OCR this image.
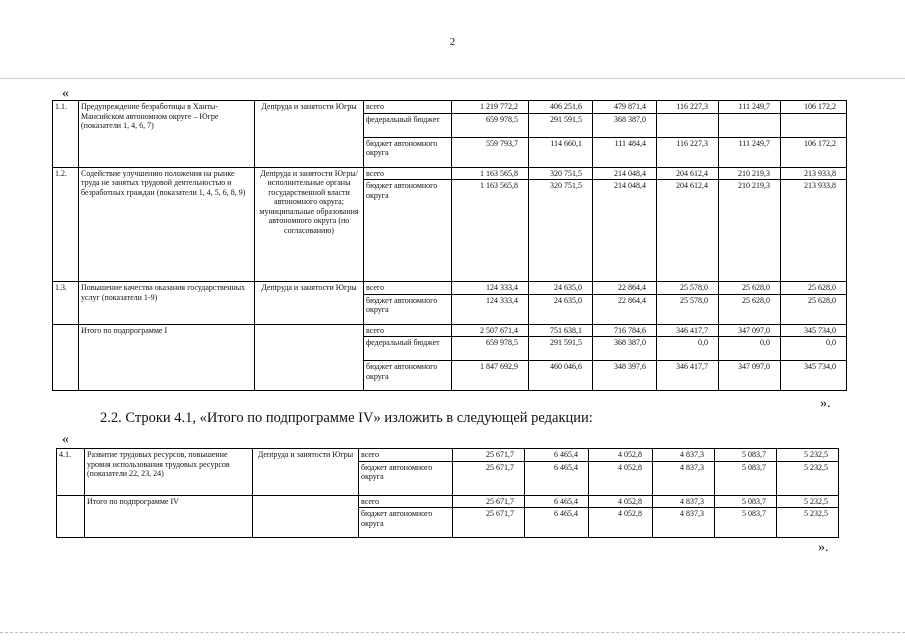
2
«
1.1.	Предупреждение безработицы в Ханты-Мансийском автономном округе – Югре (показатели 1, 4, 6, 7)	Депtруда и занятости Югры	всего	1 219 772,2	406 251,6	479 871,4	116 227,3	111 249,7	106 172,2
			федеральный бюджет	659 978,5	291 591,5	368 387,0			
			бюджет автономного округа	559 793,7	114 660,1	111 484,4	116 227,3	111 249,7	106 172,2
1.2.	Содействие улучшению положения на рынке труда не занятых трудовой деятельностью и безработных граждан (показатели 1, 4, 5, 6, 8, 9)	Депtруда и занятости Югры/исполнительные органы государственной власти автономного округа; муниципальные образования автономного округа (по согласованию)	всего	1 163 565,8	320 751,5	214 048,4	204 612,4	210 219,3	213 933,8
			бюджет автономного округа	1 163 565,8	320 751,5	214 048,4	204 612,4	210 219,3	213 933,8
1.3.	Повышение качества оказания государственных услуг (показатели 1-9)	Депtруда и занятости Югры	всего	124 333,4	24 635,0	22 864,4	25 578,0	25 628,0	25 628,0
			бюджет автономного округа	124 333,4	24 635,0	22 864,4	25 578,0	25 628,0	25 628,0
	Итого по подпрограмме I		всего	2 507 671,4	751 638,1	716 784,6	346 417,7	347 097,0	345 734,0
			федеральный бюджет	659 978,5	291 591,5	368 387,0	0,0	0,0	0,0
			бюджет автономного округа	1 847 692,9	460 046,6	348 397,6	346 417,7	347 097,0	345 734,0
».
2.2. Строки 4.1, «Итого по подпрограмме IV» изложить в следующей редакции:
«
4.1.	Развитие трудовых ресурсов, повышение уровня использования трудовых ресурсов (показатели 22, 23, 24)	Депtруда и занятости Югры	всего	25 671,7	6 465,4	4 052,8	4 837,3	5 083,7	5 232,5
			бюджет автономного округа	25 671,7	6 465,4	4 052,8	4 837,3	5 083,7	5 232,5
	Итого по подпрограмме IV		всего	25 671,7	6 465,4	4 052,8	4 837,3	5 083,7	5 232,5
			бюджет автономного округа	25 671,7	6 465,4	4 052,8	4 837,3	5 083,7	5 232,5
».
